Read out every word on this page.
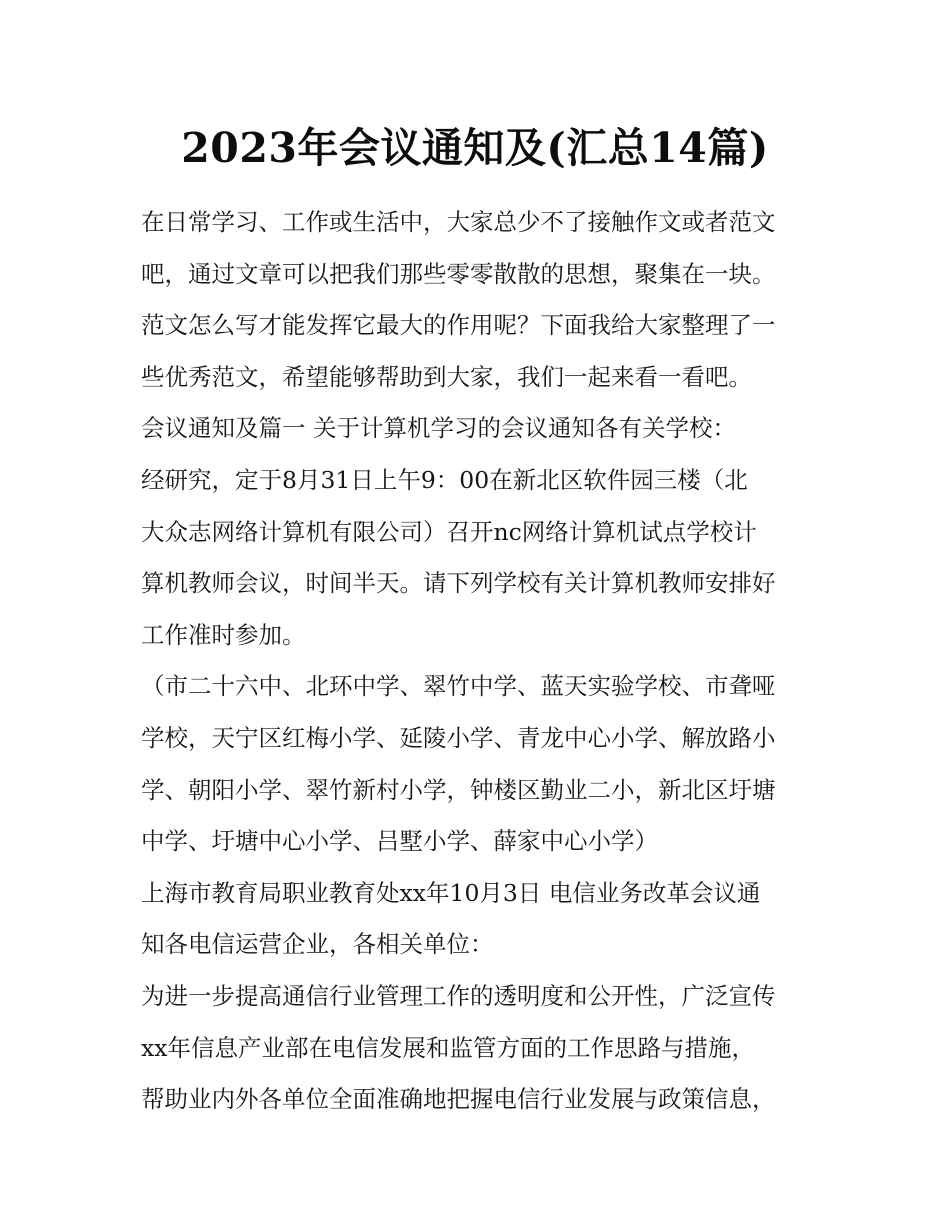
2023年会议通知及(汇总14篇)
在日常学习、工作或生活中，大家总少不了接触作文或者范文
吧，通过文章可以把我们那些零零散散的思想，聚集在一块。
范文怎么写才能发挥它最大的作用呢？下面我给大家整理了一
些优秀范文，希望能够帮助到大家，我们一起来看一看吧。
会议通知及篇一 关于计算机学习的会议通知各有关学校：
经研究，定于8月31日上午9：00在新北区软件园三楼（北
大众志网络计算机有限公司）召开nc网络计算机试点学校计
算机教师会议，时间半天。请下列学校有关计算机教师安排好
工作准时参加。
（市二十六中、北环中学、翠竹中学、蓝天实验学校、市聋哑
学校，天宁区红梅小学、延陵小学、青龙中心小学、解放路小
学、朝阳小学、翠竹新村小学，钟楼区勤业二小，新北区圩塘
中学、圩塘中心小学、吕墅小学、薛家中心小学）
上海市教育局职业教育处xx年10月3日 电信业务改革会议通
知各电信运营企业，各相关单位：
为进一步提高通信行业管理工作的透明度和公开性，广泛宣传
xx年信息产业部在电信发展和监管方面的工作思路与措施，
帮助业内外各单位全面准确地把握电信行业发展与政策信息，
